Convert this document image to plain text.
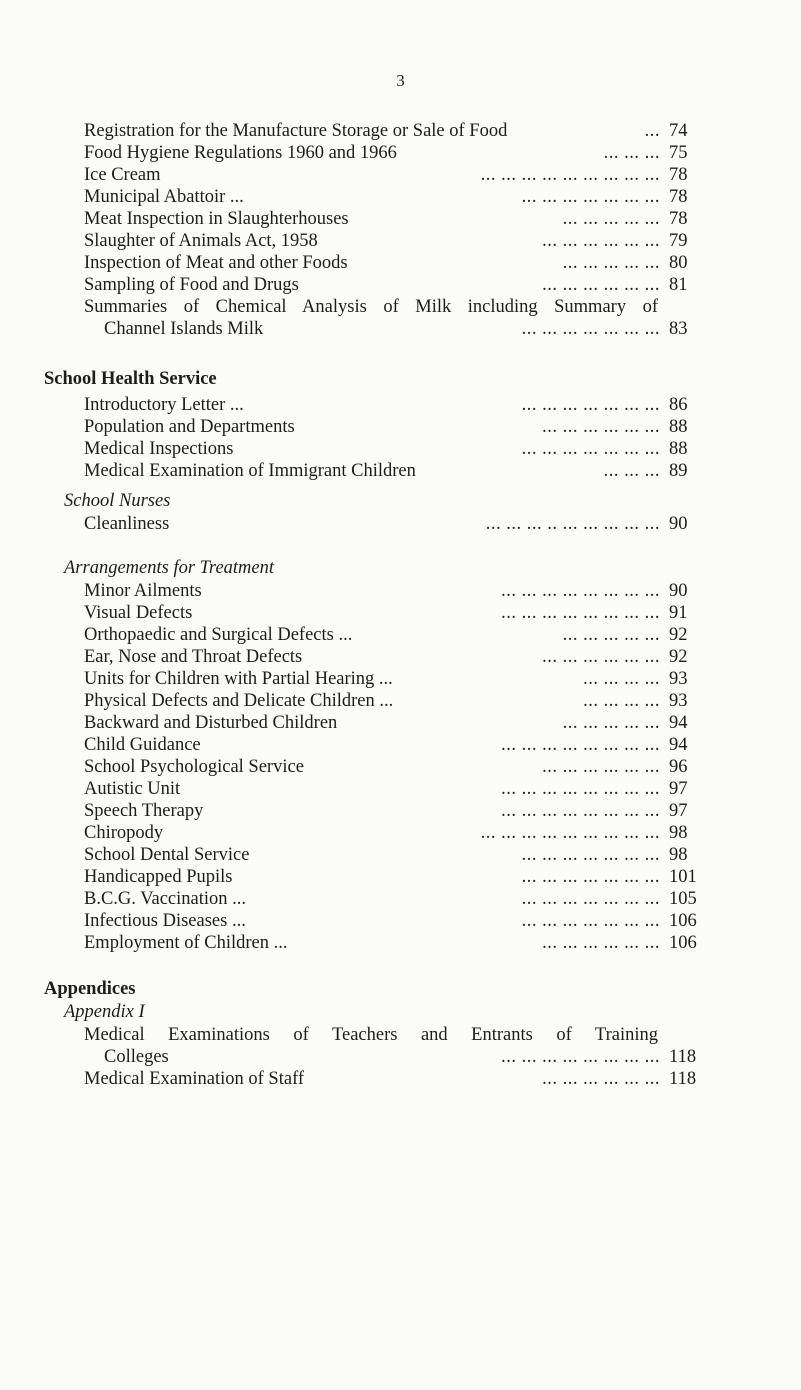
3
Registration for the Manufacture Storage or Sale of Food	... 74
Food Hygiene Regulations 1960 and 1966	... ... ... 75
Ice Cream	... ... ... ... ... ... ... ... ... 78
Municipal Abattoir ...	... ... ... ... ... ... ... 78
Meat Inspection in Slaughterhouses	... ... ... ... ... 78
Slaughter of Animals Act, 1958	... ... ... ... ... ... 79
Inspection of Meat and other Foods	... ... ... ... ... 80
Sampling of Food and Drugs	... ... ... ... ... ... 81
Summaries of Chemical Analysis of Milk including Summary of
Channel Islands Milk	... ... ... ... ... ... ... 83
School Health Service
Introductory Letter ...	... ... ... ... ... ... ... 86
Population and Departments	... ... ... ... ... ... 88
Medical Inspections	... ... ... ... ... ... ... 88
Medical Examination of Immigrant Children	... ... ... 89
School Nurses
Cleanliness	... ... ... .. ... ... ... ... ... 90
Arrangements for Treatment
Minor Ailments	... ... ... ... ... ... ... ... 90
Visual Defects	... ... ... ... ... ... ... ... 91
Orthopaedic and Surgical Defects ...	... ... ... ... ... 92
Ear, Nose and Throat Defects	... ... ... ... ... ... 92
Units for Children with Partial Hearing ...	... ... ... ... 93
Physical Defects and Delicate Children ...	... ... ... ... 93
Backward and Disturbed Children	... ... ... ... ... 94
Child Guidance	... ... ... ... ... ... ... ... 94
School Psychological Service	... ... ... ... ... ... 96
Autistic Unit	... ... ... ... ... ... ... ... 97
Speech Therapy	... ... ... ... ... ... ... ... 97
Chiropody	... ... ... ... ... ... ... ... ... 98
School Dental Service	... ... ... ... ... ... ... 98
Handicapped Pupils	... ... ... ... ... ... ... 101
B.C.G. Vaccination ...	... ... ... ... ... ... ... 105
Infectious Diseases ...	... ... ... ... ... ... ... 106
Employment of Children ...	... ... ... ... ... ... 106
Appendices
Appendix I
Medical Examinations of Teachers and Entrants of Training
Colleges	... ... ... ... ... ... ... ... 118
Medical Examination of Staff	... ... ... ... ... ... 118
